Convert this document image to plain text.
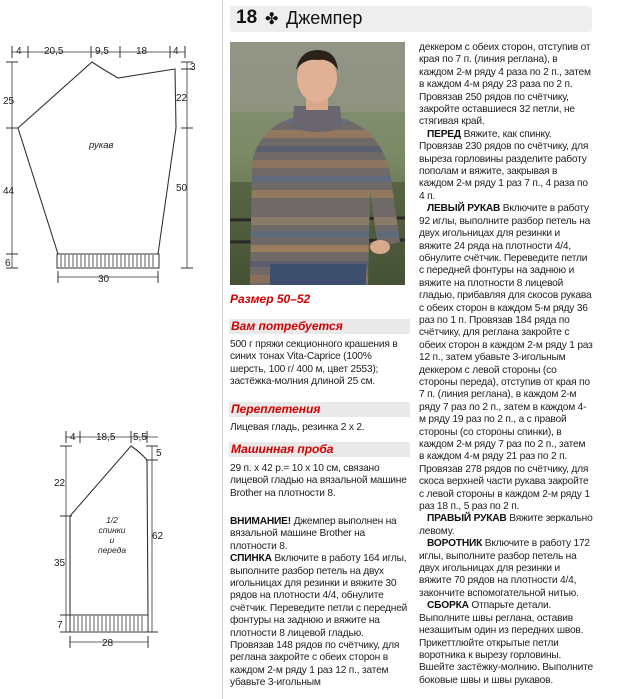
4 20,5	9,5	18	4
25
44
6
3
22
50
30
рукав
4 18,5 5,5
5
62
22
35
7
28
1/2
спинки
и
переда
18 ✤ Джемпер
Размер 50–52
Вам потребуется

500 г пряжи секционного крашения в синих тонах Vita-Caprice (100% шерсть, 100 г/ 400 м, цвет 2553); застёжка-молния длиной 25 см.

Переплетения

Лицевая гладь, резинка 2 х 2.

Машинная проба

29 п. х 42 р.= 10 х 10 см, связано лицевой гладью на вязальной машине Brother на плотности 8.

ВНИМАНИЕ! Джемпер выполнен на вязальной машине Brother на плотности 8.

СПИНКА Включите в работу 164 иглы, выполните разбор петель на двух игольницах для резинки и вяжите 30 рядов на плотности 4/4, обнулите счётчик. Переведите петли с передней фонтуры на заднюю и вяжите на плотности 8 лицевой гладью. Провязав 148 рядов по счётчику, для реглана закройте с обеих сторон в каждом 2-м ряду 1 раз 12 п., затем убавьте 3-игольным

деккером с обеих сторон, отступив от края по 7 п. (линия реглана), в каждом 2-м ряду 4 раза по 2 п., затем в каждом 4-м ряду 23 раза по 2 п. Провязав 250 рядов по счётчику, закройте оставшиеся 32 петли, не стягивая край.

ПЕРЕД Вяжите, как спинку. Провязав 230 рядов по счётчику, для выреза горловины разделите работу пополам и вяжите, закрывая в каждом 2-м ряду 1 раз 7 п., 4 раза по 4 п.

ЛЕВЫЙ РУКАВ Включите в работу 92 иглы, выполните разбор петель на двух игольницах для резинки и вяжите 24 ряда на плотности 4/4, обнулите счётчик. Переведите петли с передней фонтуры на заднюю и вяжите на плотности 8 лицевой гладью, прибавляя для скосов рукава с обеих сторон в каждом 5-м ряду 36 раз по 1 п. Провязав 184 ряда по счётчику, для реглана закройте с обеих сторон в каждом 2-м ряду 1 раз 12 п., затем убавьте 3-игольным деккером с левой стороны (со стороны переда), отступив от края по 7 п. (линия реглана), в каждом 2-м ряду 7 раз по 2 п., затем в каждом 4-м ряду 19 раз по 2 п., а с правой стороны (со стороны спинки), в каждом 2-м ряду 7 раз по 2 п., затем в каждом 4-м ряду 21 раз по 2 п. Провязав 278 рядов по счётчику, для скоса верхней части рукава закройте с левой стороны в каждом 2-м ряду 1 раз 18 п., 5 раз по 2 п.

ПРАВЫЙ РУКАВ Вяжите зеркально левому.

ВОРОТНИК Включите в работу 172 иглы, выполните разбор петель на двух игольницах для резинки и вяжите 70 рядов на плотности 4/4, закончите вспомогательной нитью.

СБОРКА Отпарьте детали. Выполните швы реглана, оставив незашитым один из передних швов. Прикеттлюйте открытые петли воротника к вырезу горловины. Вшейте застёжку-молнию. Выполните боковые швы и швы рукавов.
